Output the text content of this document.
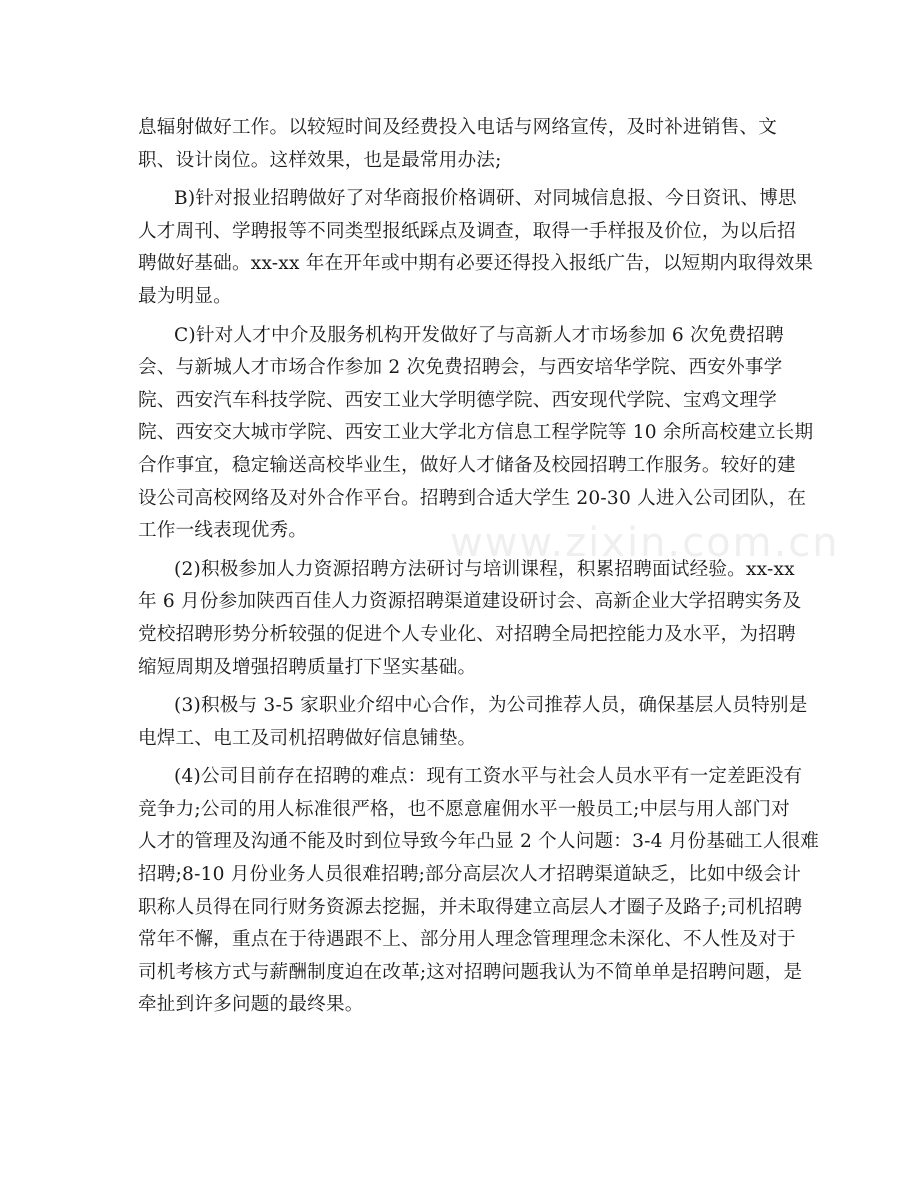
息辐射做好工作。以较短时间及经费投入电话与网络宣传，及时补进销售、文
职、设计岗位。这样效果，也是最常用办法;
B)针对报业招聘做好了对华商报价格调研、对同城信息报、今日资讯、博思
人才周刊、学聘报等不同类型报纸踩点及调查，取得一手样报及价位，为以后招
聘做好基础。xx-xx 年在开年或中期有必要还得投入报纸广告，以短期内取得效果
最为明显。
C)针对人才中介及服务机构开发做好了与高新人才市场参加 6 次免费招聘
会、与新城人才市场合作参加 2 次免费招聘会，与西安培华学院、西安外事学
院、西安汽车科技学院、西安工业大学明德学院、西安现代学院、宝鸡文理学
院、西安交大城市学院、西安工业大学北方信息工程学院等 10 余所高校建立长期
合作事宜，稳定输送高校毕业生，做好人才储备及校园招聘工作服务。较好的建
设公司高校网络及对外合作平台。招聘到合适大学生 20-30 人进入公司团队，在
工作一线表现优秀。
(2)积极参加人力资源招聘方法研讨与培训课程，积累招聘面试经验。xx-xx
年 6 月份参加陕西百佳人力资源招聘渠道建设研讨会、高新企业大学招聘实务及
党校招聘形势分析较强的促进个人专业化、对招聘全局把控能力及水平，为招聘
缩短周期及增强招聘质量打下坚实基础。
(3)积极与 3-5 家职业介绍中心合作，为公司推荐人员，确保基层人员特别是
电焊工、电工及司机招聘做好信息铺垫。
(4)公司目前存在招聘的难点：现有工资水平与社会人员水平有一定差距没有
竞争力;公司的用人标准很严格，也不愿意雇佣水平一般员工;中层与用人部门对
人才的管理及沟通不能及时到位导致今年凸显 2 个人问题：3-4 月份基础工人很难
招聘;8-10 月份业务人员很难招聘;部分高层次人才招聘渠道缺乏，比如中级会计
职称人员得在同行财务资源去挖掘，并未取得建立高层人才圈子及路子;司机招聘
常年不懈，重点在于待遇跟不上、部分用人理念管理理念未深化、不人性及对于
司机考核方式与薪酬制度迫在改革;这对招聘问题我认为不简单单是招聘问题，是
牵扯到许多问题的最终果。
www.zixin.com.cn
